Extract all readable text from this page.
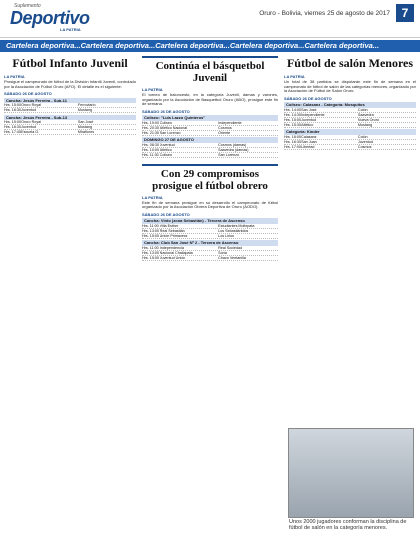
Suplemento
Deportivo
LA PATRIA
Oruro - Bolivia, viernes 25 de agosto de 2017 7
Cartelera deportiva...Cartelera deportiva...Cartelera deportiva...Cartelera deportiva...Cartelera deportiva...
Fútbol Infanto Juvenil
LA PATRIA
Prosigue el campeonato de fútbol de la División Infantil Juvenil, controlado por la Asociación de Fútbol Oruro (AFO). El detalle es el siguiente:
SÁBADO 26 DE AGOSTO
Cancha: Jesús Ferreira - Sub-11
Hrs. 15:00 Oruro Royal	Ferroviario
Hrs. 16:30 Juventud	Mustang
Cancha: Jesús Ferreira - Sub-13
Hrs. 15:00 Oruro Royal	San José
Hrs. 16:30 Juventud	Mustang
Hrs. 17:45 Escuela O.	Miraflores
Continúa el básquetbol Juvenil
LA PATRIA
El torneo de baloncesto, en la categoría Juvenil, damas y varones, organizado por la Asociación de Basquetbol Oruro (ABO), prosigue este fin de semana.
SÁBADO 26 DE AGOSTO
Coliseo: "Luis Lazzo Quinteros"
Hrs. 19:00 Coliseo	Independiente
Hrs. 20:30 Atlético Nacional	Cosmos
Hrs. 21:30 San Lorenzo	Oriente
DOMINGO 27 DE AGOSTO
Hrs. 08:30 Juventud	Cosmos (damas)
Hrs. 10:00 Atlético	Saavedra (damas)
Hrs. 11:30 Coliseo	San Lorenzo
Con 29 compromisos prosigue el fútbol obrero
LA PATRIA
Este fin de semana prosigue en su desarrollo el campeonato de fútbol organizado por la Asociación Obrera Deportiva de Oruro (AODO).
SÁBADO 26 DE AGOSTO
Cancha: Vinto (zona Sebastián) - Tercera de Ascenso
Hrs. 11:00 Villa Esther	Estudiantes Mollepata
Hrs. 13:00 Real Sebastián	Los Sebastiánidos
Hrs. 15:00 Unión Primavera	Los Lirios
Cancha: Club San José Nº 2 - Tercera de Ascenso
Hrs. 11:00 Independencia	Real Sociedad
Hrs. 13:00 Nacional Challapata	Soria
Hrs. 15:00 Juventud Unión	Chavo Ventanilla
Fútbol de salón Menores
LA PATRIA
Un total de 38 partidos se disputarán este fin de semana en el campeonato de fútbol de salón de las categorías menores, organizado por la Asociación de Fútbol de Salón Oruro.
SÁBADO 26 DE AGOSTO
Coliseo: Calasanz - Categoría: Mosquitos
Hrs. 14:00 San José	Colón
Hrs. 14:30 Independiente	Saavedra
Hrs. 15:00 Juventud	Nueva Oruro
Hrs. 15:30 Atlético	Mustang
Categoría: Kínder
Hrs. 16:00 Calasanz	Colón
Hrs. 16:30 San Juan	Juventud
Hrs. 17:00 Libertad	Cosmos
Unos 2000 jugadores conforman la disciplina de fútbol de salón en la categoría menores.
